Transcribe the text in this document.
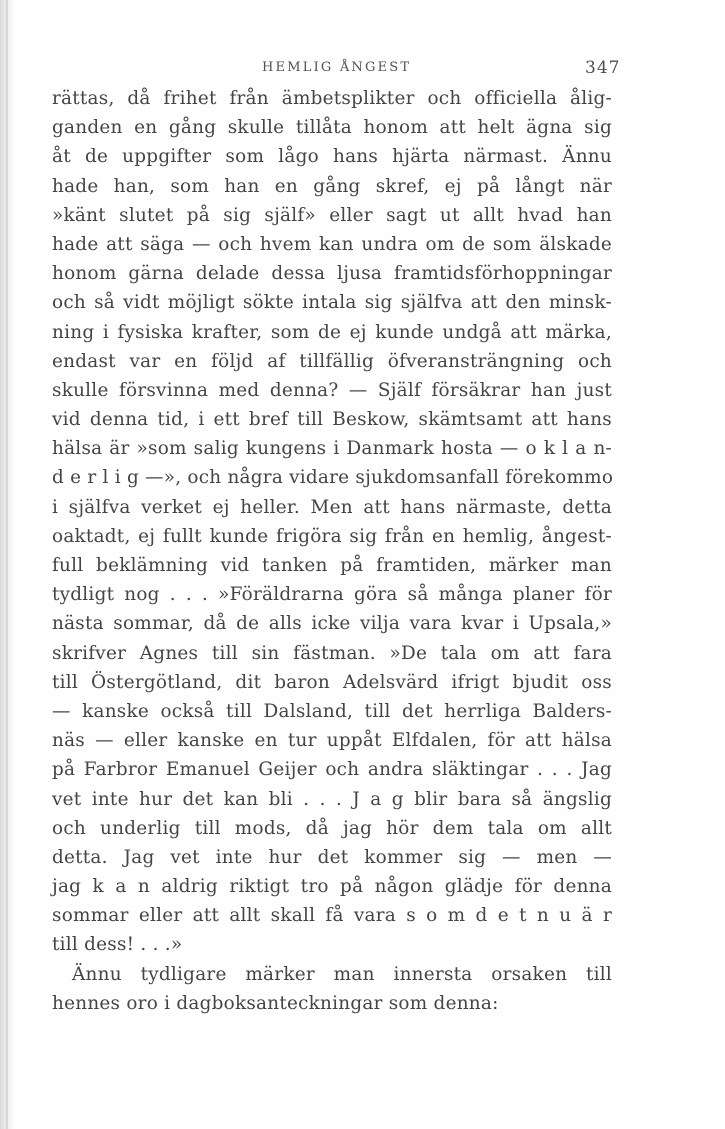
HEMLIG ÅNGEST	347
rättas, då frihet från ämbetsplikter och officiella ålig-
ganden en gång skulle tillåta honom att helt ägna sig
åt de uppgifter som lågo hans hjärta närmast. Ännu
hade han, som han en gång skref, ej på långt när
»känt slutet på sig själf» eller sagt ut allt hvad han
hade att säga — och hvem kan undra om de som älskade
honom gärna delade dessa ljusa framtidsförhoppningar
och så vidt möjligt sökte intala sig själfva att den minsk-
ning i fysiska krafter, som de ej kunde undgå att märka,
endast var en följd af tillfällig öfveransträngning och
skulle försvinna med denna? — Själf försäkrar han just
vid denna tid, i ett bref till Beskow, skämtsamt att hans
hälsa är »som salig kungens i Danmark hosta — o k l a n-
d e r l i g —», och några vidare sjukdomsanfall förekommo
i själfva verket ej heller. Men att hans närmaste, detta
oaktadt, ej fullt kunde frigöra sig från en hemlig, ångest-
full beklämning vid tanken på framtiden, märker man
tydligt nog . . . »Föräldrarna göra så många planer för
nästa sommar, då de alls icke vilja vara kvar i Upsala,»
skrifver Agnes till sin fästman. »De tala om att fara
till Östergötland, dit baron Adelsvärd ifrigt bjudit oss
— kanske också till Dalsland, till det herrliga Balders-
näs — eller kanske en tur uppåt Elfdalen, för att hälsa
på Farbror Emanuel Geijer och andra släktingar . . . Jag
vet inte hur det kan bli . . . J a g blir bara så ängslig
och underlig till mods, då jag hör dem tala om allt
detta. Jag vet inte hur det kommer sig — men —
jag k a n aldrig riktigt tro på någon glädje för denna
sommar eller att allt skall få vara s o m d e t n u ä r
till dess! . . .»
Ännu tydligare märker man innersta orsaken till
hennes oro i dagboksanteckningar som denna:
